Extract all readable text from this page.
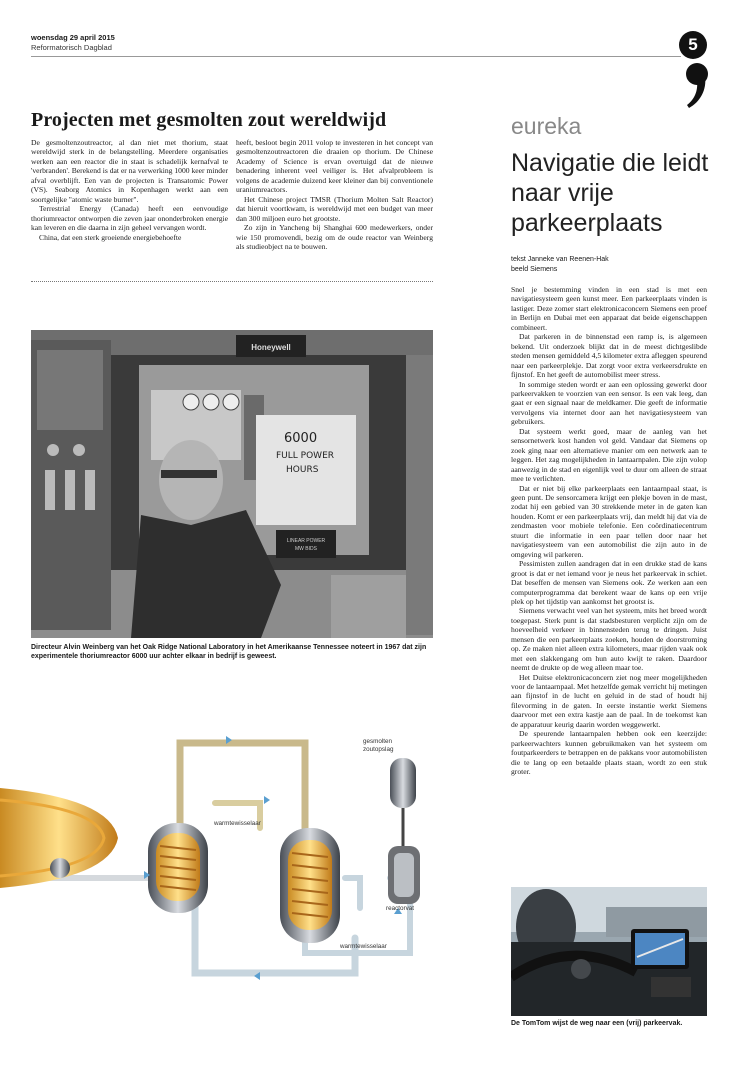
woensdag 29 april 2015
Reformatorisch Dagblad	5
Projecten met gesmolten zout wereldwijd

De gesmoltenzoutreactor, al dan niet met thorium, staat wereldwijd sterk in de belangstelling. Meerdere organisaties werken aan een reactor die in staat is schadelijk kernafval te 'verbranden'. Berekend is dat er na verwerking 1000 keer minder afval overblijft. Een van de projecten is Transatomic Power (VS). Seaborg Atomics in Kopenhagen werkt aan een soortgelijke "atomic waste burner".

Terrestrial Energy (Canada) heeft een eenvoudige thoriumreactor ontworpen die zeven jaar ononderbroken energie kan leveren en die daarna in zijn geheel vervangen wordt.

China, dat een sterk groeiende energiebehoefte

heeft, besloot begin 2011 volop te investeren in het concept van gesmoltenzoutreactoren die draaien op thorium. De Chinese Academy of Science is ervan overtuigd dat de nieuwe benadering inherent veel veiliger is. Het afvalprobleem is volgens de academie duizend keer kleiner dan bij conventionele uraniumreactors.

Het Chinese project TMSR (Thorium Molten Salt Reactor) dat hieruit voortkwam, is wereldwijd met een budget van meer dan 300 miljoen euro het grootste.

Zo zijn in Yancheng bij Shanghai 600 medewerkers, onder wie 150 promovendi, bezig om de oude reactor van Weinberg als studieobject na te bouwen.

Honeywell
6000
FULL POWER
HOURS
LINEAR POWER
MW BIDS
Directeur Alvin Weinberg van het Oak Ridge National Laboratory in het Amerikaanse Tennessee noteert in 1967 dat zijn experimentele thoriumreactor 6000 uur achter elkaar in bedrijf is geweest.
gesmolten
zoutopslag
warmtewisselaar
reactorvat
warmtewisselaar
eureka
Navigatie die leidt naar vrije parkeerplaats
tekst Janneke van Reenen-Hak
beeld Siemens

Snel je bestemming vinden in een stad is met een navigatiesysteem geen kunst meer. Een parkeerplaats vinden is lastiger. Deze zomer start elektronicaconcern Siemens een proef in Berlijn en Dubai met een apparaat dat beide eigenschappen combineert.

Dat parkeren in de binnenstad een ramp is, is algemeen bekend. Uit onderzoek blijkt dat in de meest dichtgeslibde steden mensen gemiddeld 4,5 kilometer extra afleggen speurend naar een parkeerplekje. Dat zorgt voor extra verkeersdrukte en fijnstof. En het geeft de automobilist meer stress.

In sommige steden wordt er aan een oplossing gewerkt door parkeervakken te voorzien van een sensor. Is een vak leeg, dan gaat er een signaal naar de meldkamer. Die geeft de informatie vervolgens via internet door aan het navigatiesysteem van gebruikers.

Dat systeem werkt goed, maar de aanleg van het sensornetwerk kost handen vol geld. Vandaar dat Siemens op zoek ging naar een alternatieve manier om een netwerk aan te leggen. Het zag mogelijkheden in lantaarnpalen. Die zijn volop aanwezig in de stad en eigenlijk veel te duur om alleen de straat mee te verlichten.

Dat er niet bij elke parkeerplaats een lantaarnpaal staat, is geen punt. De sensorcamera krijgt een plekje boven in de mast, zodat hij een gebied van 30 strekkende meter in de gaten kan houden. Komt er een parkeerplaats vrij, dan meldt hij dat via de zendmasten voor mobiele telefonie. Een coördinatiecentrum stuurt die informatie in een paar tellen door naar het navigatiesysteem van een automobilist die zijn auto in de omgeving wil parkeren.

Pessimisten zullen aandragen dat in een drukke stad de kans groot is dat er net iemand voor je neus het parkeervak in schiet. Dat beseffen de mensen van Siemens ook. Ze werken aan een computerprogramma dat berekent waar de kans op een vrije plek op het tijdstip van aankomst het grootst is.

Siemens verwacht veel van het systeem, mits het breed wordt toegepast. Sterk punt is dat stadsbesturen verplicht zijn om de hoeveelheid verkeer in binnensteden terug te dringen. Juist mensen die een parkeerplaats zoeken, houden de doorstroming op. Ze maken niet alleen extra kilometers, maar rijden vaak ook met een slakkengang om hun auto kwijt te raken. Daardoor neemt de drukte op de weg alleen maar toe.

Het Duitse elektronicaconcern ziet nog meer mogelijkheden voor de lantaarnpaal. Met hetzelfde gemak verricht hij metingen aan fijnstof in de lucht en geluid in de stad of houdt hij filevorming in de gaten. In eerste instantie werkt Siemens daarvoor met een extra kastje aan de paal. In de toekomst kan de apparatuur keurig daarin worden weggewerkt.

De speurende lantaarnpalen hebben ook een keerzijde: parkeerwachters kunnen gebruikmaken van het systeem om foutparkeerders te betrappen en de pakkans voor automobilisten die te lang op een betaalde plaats staan, wordt zo een stuk groter.

De TomTom wijst de weg naar een (vrij) parkeervak.
